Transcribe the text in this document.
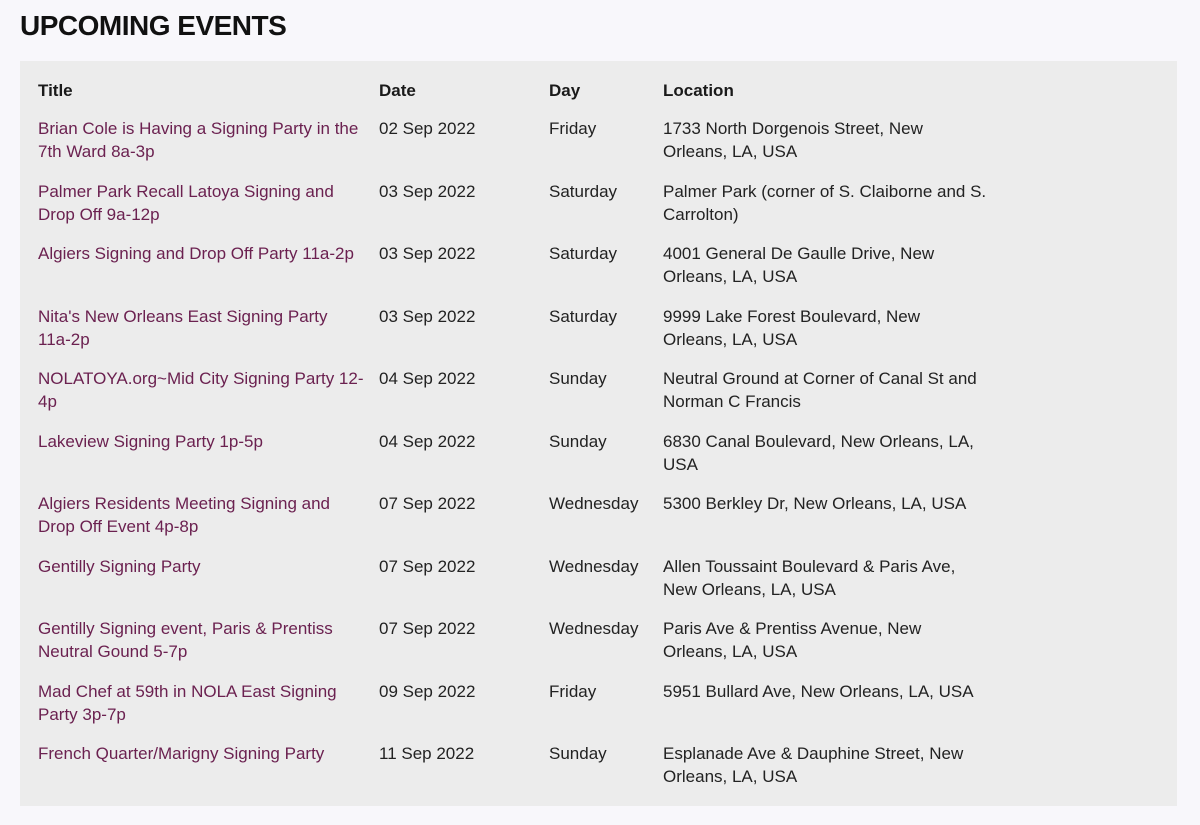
UPCOMING EVENTS
Title	Date	Day	Location

Brian Cole is Having a Signing Party in the 7th Ward 8a-3p	02 Sep 2022	Friday	1733 North Dorgenois Street, New Orleans, LA, USA

Palmer Park Recall Latoya Signing and Drop Off 9a-12p	03 Sep 2022	Saturday	Palmer Park (corner of S. Claiborne and S. Carrolton)

Algiers Signing and Drop Off Party 11a-2p	03 Sep 2022	Saturday	4001 General De Gaulle Drive, New Orleans, LA, USA

Nita's New Orleans East Signing Party 11a-2p	03 Sep 2022	Saturday	9999 Lake Forest Boulevard, New Orleans, LA, USA

NOLATOYA.org~Mid City Signing Party 12-4p	04 Sep 2022	Sunday	Neutral Ground at Corner of Canal St and Norman C Francis

Lakeview Signing Party 1p-5p	04 Sep 2022	Sunday	6830 Canal Boulevard, New Orleans, LA, USA

Algiers Residents Meeting Signing and Drop Off Event 4p-8p	07 Sep 2022	Wednesday	5300 Berkley Dr, New Orleans, LA, USA

Gentilly Signing Party	07 Sep 2022	Wednesday	Allen Toussaint Boulevard & Paris Ave, New Orleans, LA, USA

Gentilly Signing event, Paris & Prentiss Neutral Gound 5-7p	07 Sep 2022	Wednesday	Paris Ave & Prentiss Avenue, New Orleans, LA, USA

Mad Chef at 59th in NOLA East Signing Party 3p-7p	09 Sep 2022	Friday	5951 Bullard Ave, New Orleans, LA, USA

French Quarter/Marigny Signing Party	11 Sep 2022	Sunday	Esplanade Ave & Dauphine Street, New Orleans, LA, USA
